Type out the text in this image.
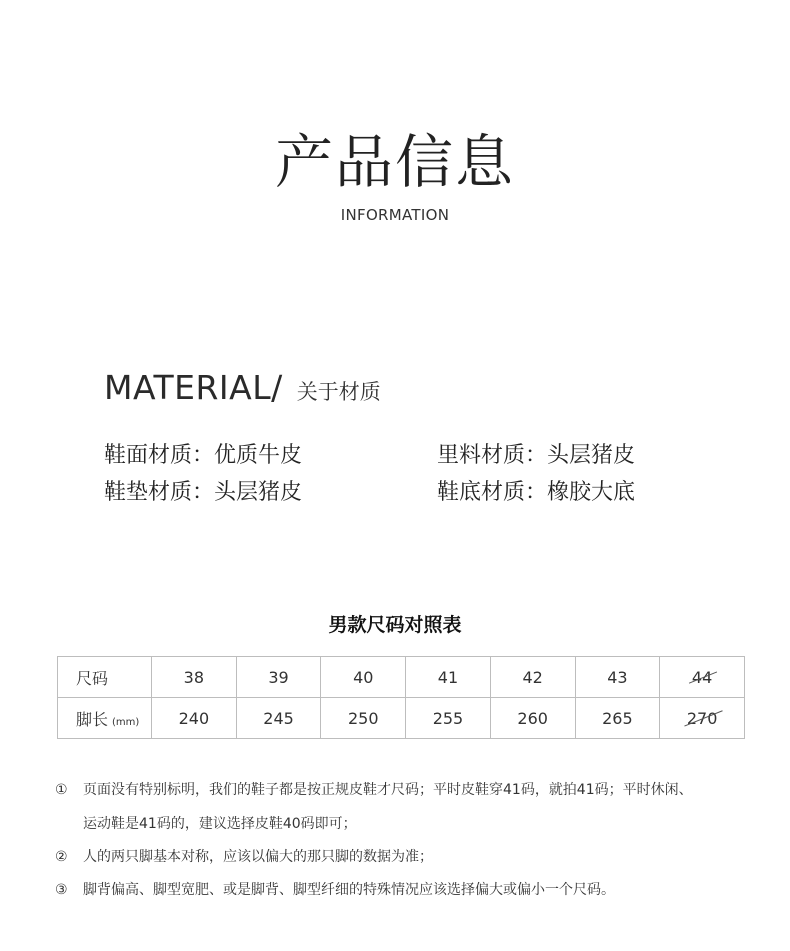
产品信息
INFORMATION
MATERIAL/ 关于材质
鞋面材质：优质牛皮	里料材质：头层猪皮
鞋垫材质：头层猪皮	鞋底材质：橡胶大底
男款尺码对照表
尺码	38	39	40	41	42	43	44
脚长 (mm)	240	245	250	255	260	265	270
① 页面没有特别标明，我们的鞋子都是按正规皮鞋才尺码；平时皮鞋穿41码，就拍41码；平时休闲、
运动鞋是41码的，建议选择皮鞋40码即可；
② 人的两只脚基本对称，应该以偏大的那只脚的数据为准；
③ 脚背偏高、脚型宽肥、或是脚背、脚型纤细的特殊情况应该选择偏大或偏小一个尺码。
